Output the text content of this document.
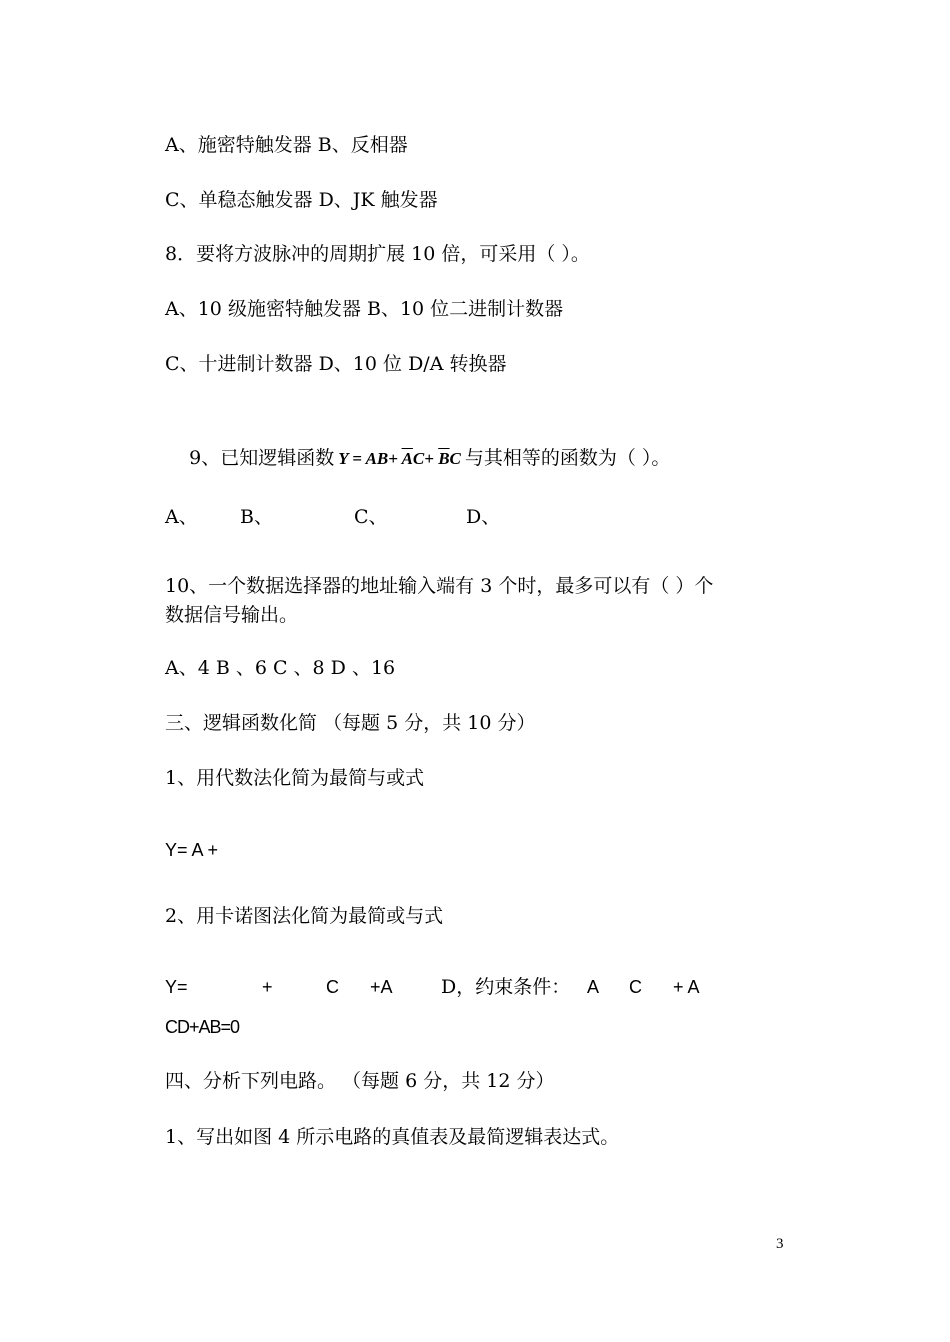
A、施密特触发器 B、反相器
C、单稳态触发器 D、JK 触发器
8．要将方波脉冲的周期扩展 10 倍，可采用（ ）。
A、10 级施密特触发器 B、10 位二进制计数器
C、十进制计数器 D、10 位 D/A 转换器

9、已知逻辑函数 $Y = AB+ \overline{A}C+ \overline{B}C$ 与其相等的函数为（ ）。

A、 B、	C、	D、
10、一个数据选择器的地址输入端有 3 个时，最多可以有（ ）个
数据信号输出。
A、4 B 、6 C 、8 D 、16
三、逻辑函数化简 （每题 5 分，共 10 分）
1、用代数法化简为最简与或式
Y= A +
2、用卡诺图法化简为最简或与式
Y=	+	C +A	D，约束条件： A C + A
CD+AB=0
四、分析下列电路。 （每题 6 分，共 12 分）
1、写出如图 4 所示电路的真值表及最简逻辑表达式。
3
